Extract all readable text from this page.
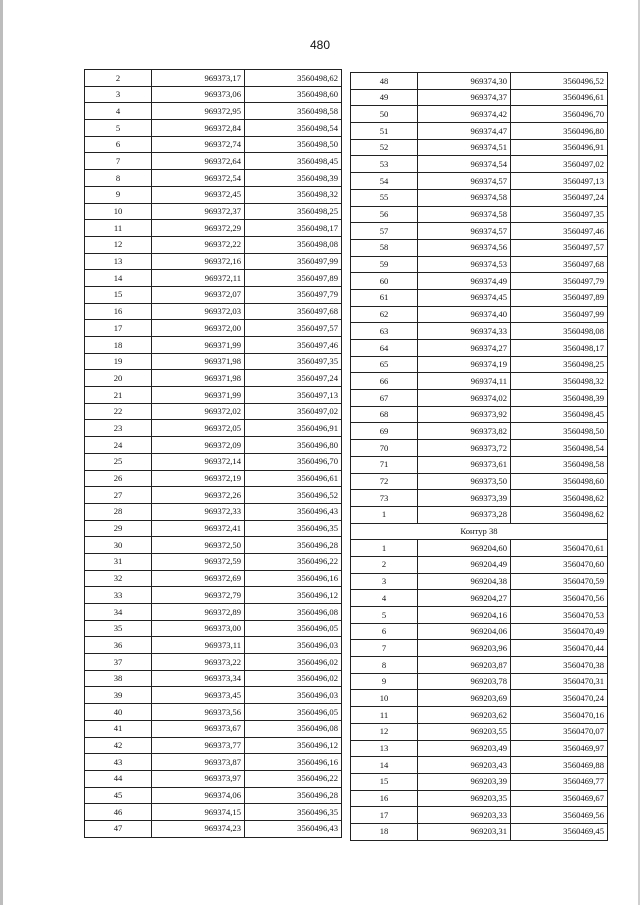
480
2	969373,17	3560498,62
3	969373,06	3560498,60
4	969372,95	3560498,58
5	969372,84	3560498,54
6	969372,74	3560498,50
7	969372,64	3560498,45
8	969372,54	3560498,39
9	969372,45	3560498,32
10	969372,37	3560498,25
11	969372,29	3560498,17
12	969372,22	3560498,08
13	969372,16	3560497,99
14	969372,11	3560497,89
15	969372,07	3560497,79
16	969372,03	3560497,68
17	969372,00	3560497,57
18	969371,99	3560497,46
19	969371,98	3560497,35
20	969371,98	3560497,24
21	969371,99	3560497,13
22	969372,02	3560497,02
23	969372,05	3560496,91
24	969372,09	3560496,80
25	969372,14	3560496,70
26	969372,19	3560496,61
27	969372,26	3560496,52
28	969372,33	3560496,43
29	969372,41	3560496,35
30	969372,50	3560496,28
31	969372,59	3560496,22
32	969372,69	3560496,16
33	969372,79	3560496,12
34	969372,89	3560496,08
35	969373,00	3560496,05
36	969373,11	3560496,03
37	969373,22	3560496,02
38	969373,34	3560496,02
39	969373,45	3560496,03
40	969373,56	3560496,05
41	969373,67	3560496,08
42	969373,77	3560496,12
43	969373,87	3560496,16
44	969373,97	3560496,22
45	969374,06	3560496,28
46	969374,15	3560496,35
47	969374,23	3560496,43
48	969374,30	3560496,52
49	969374,37	3560496,61
50	969374,42	3560496,70
51	969374,47	3560496,80
52	969374,51	3560496,91
53	969374,54	3560497,02
54	969374,57	3560497,13
55	969374,58	3560497,24
56	969374,58	3560497,35
57	969374,57	3560497,46
58	969374,56	3560497,57
59	969374,53	3560497,68
60	969374,49	3560497,79
61	969374,45	3560497,89
62	969374,40	3560497,99
63	969374,33	3560498,08
64	969374,27	3560498,17
65	969374,19	3560498,25
66	969374,11	3560498,32
67	969374,02	3560498,39
68	969373,92	3560498,45
69	969373,82	3560498,50
70	969373,72	3560498,54
71	969373,61	3560498,58
72	969373,50	3560498,60
73	969373,39	3560498,62
1	969373,28	3560498,62
Контур 38		
1	969204,60	3560470,61
2	969204,49	3560470,60
3	969204,38	3560470,59
4	969204,27	3560470,56
5	969204,16	3560470,53
6	969204,06	3560470,49
7	969203,96	3560470,44
8	969203,87	3560470,38
9	969203,78	3560470,31
10	969203,69	3560470,24
11	969203,62	3560470,16
12	969203,55	3560470,07
13	969203,49	3560469,97
14	969203,43	3560469,88
15	969203,39	3560469,77
16	969203,35	3560469,67
17	969203,33	3560469,56
18	969203,31	3560469,45
